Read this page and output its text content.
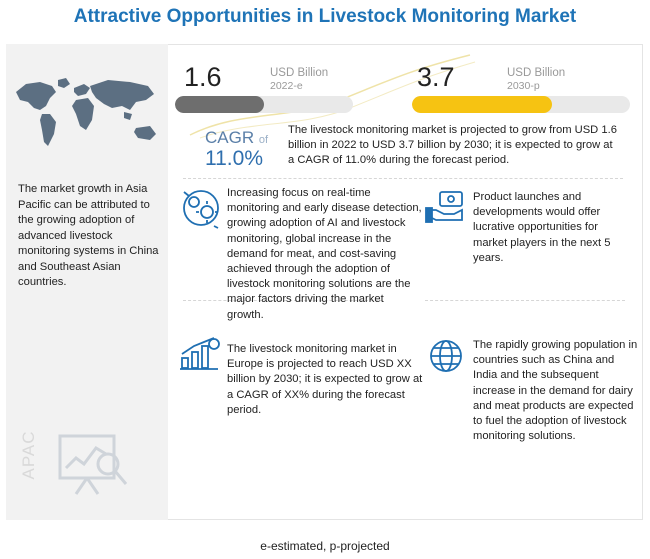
Attractive Opportunities in Livestock Monitoring Market
The market growth in Asia Pacific can be attributed to the growing adoption of advanced livestock monitoring systems in China and Southeast Asian countries.
APAC
1.6	USD Billion
2022-e	3.7	USD Billion
2030-p
CAGR of
11.0%
The livestock monitoring market is projected to grow from USD 1.6 billion in 2022 to USD 3.7 billion by 2030; it is expected to grow at a CAGR of 11.0% during the forecast period.
Increasing focus on real-time monitoring and early disease detection, growing adoption of AI and livestock monitoring, global increase in the demand for meat, and cost-saving achieved through the adoption of livestock monitoring solutions are the major factors driving the market growth.
Product launches and developments would offer lucrative opportunities for market players in the next 5 years.
The livestock monitoring market in Europe is projected to reach USD XX billion by 2030; it is expected to grow at a CAGR of XX% during the forecast period.
The rapidly growing population in countries such as China and India and the subsequent increase in the demand for dairy and meat products are expected to fuel the adoption of livestock monitoring solutions.
e-estimated, p-projected
